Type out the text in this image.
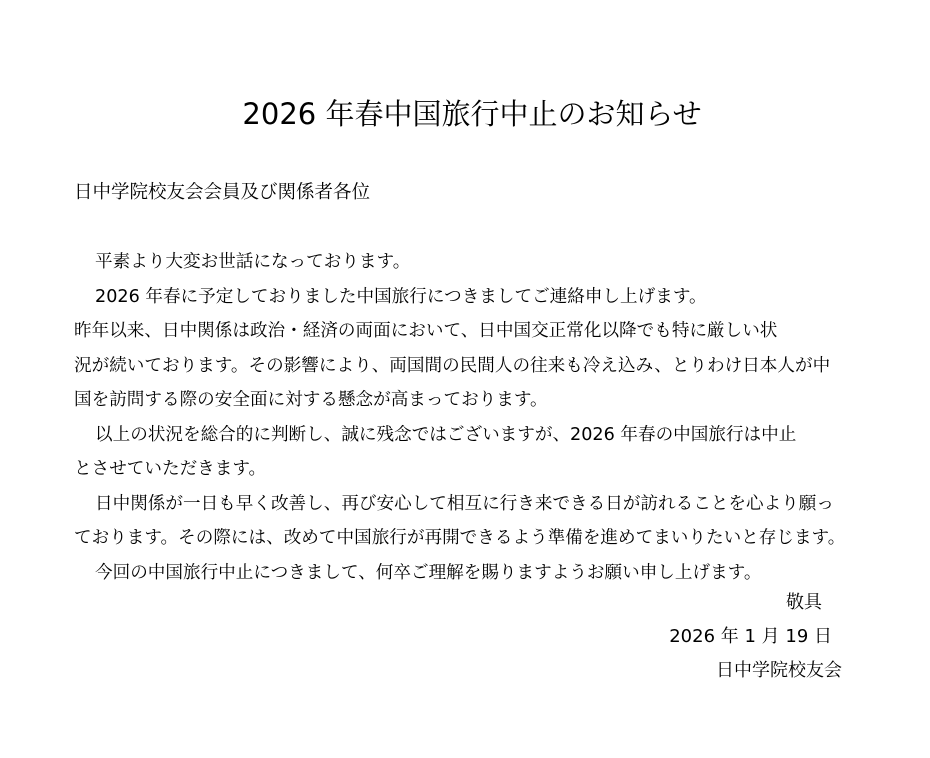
2026 年春中国旅行中止のお知らせ
日中学院校友会会員及び関係者各位

平素より大変お世話になっております。

2026 年春に予定しておりました中国旅行につきましてご連絡申し上げます。

昨年以来、日中関係は政治・経済の両面において、日中国交正常化以降でも特に厳しい状
況が続いております。その影響により、両国間の民間人の往来も冷え込み、とりわけ日本人が中
国を訪問する際の安全面に対する懸念が高まっております。

以上の状況を総合的に判断し、誠に残念ではございますが、2026 年春の中国旅行は中止
とさせていただきます。

日中関係が一日も早く改善し、再び安心して相互に行き来できる日が訪れることを心より願っ
ております。その際には、改めて中国旅行が再開できるよう準備を進めてまいりたいと存じます。

今回の中国旅行中止につきまして、何卒ご理解を賜りますようお願い申し上げます。

敬具
2026 年 1 月 19 日
日中学院校友会
